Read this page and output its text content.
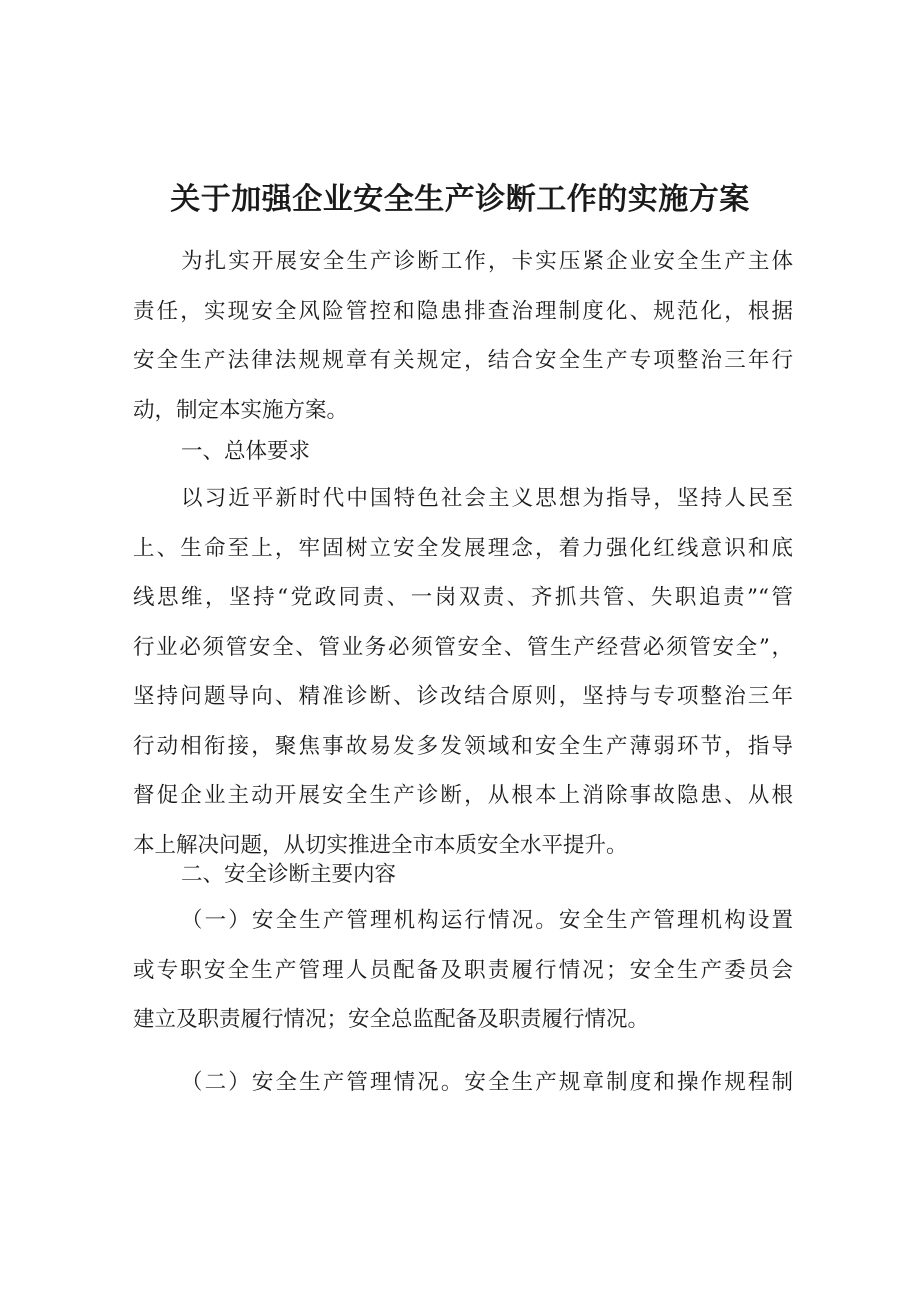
关于加强企业安全生产诊断工作的实施方案
为扎实开展安全生产诊断工作，卡实压紧企业安全生产主体
责任，实现安全风险管控和隐患排查治理制度化、规范化，根据
安全生产法律法规规章有关规定，结合安全生产专项整治三年行
动，制定本实施方案。
一、总体要求
以习近平新时代中国特色社会主义思想为指导，坚持人民至
上、生命至上，牢固树立安全发展理念，着力强化红线意识和底
线思维，坚持“党政同责、一岗双责、齐抓共管、失职追责”“管
行业必须管安全、管业务必须管安全、管生产经营必须管安全”，
坚持问题导向、精准诊断、诊改结合原则，坚持与专项整治三年
行动相衔接，聚焦事故易发多发领域和安全生产薄弱环节，指导
督促企业主动开展安全生产诊断，从根本上消除事故隐患、从根
本上解决问题，从切实推进全市本质安全水平提升。
二、安全诊断主要内容
（一）安全生产管理机构运行情况。安全生产管理机构设置
或专职安全生产管理人员配备及职责履行情况；安全生产委员会
建立及职责履行情况；安全总监配备及职责履行情况。
（二）安全生产管理情况。安全生产规章制度和操作规程制
